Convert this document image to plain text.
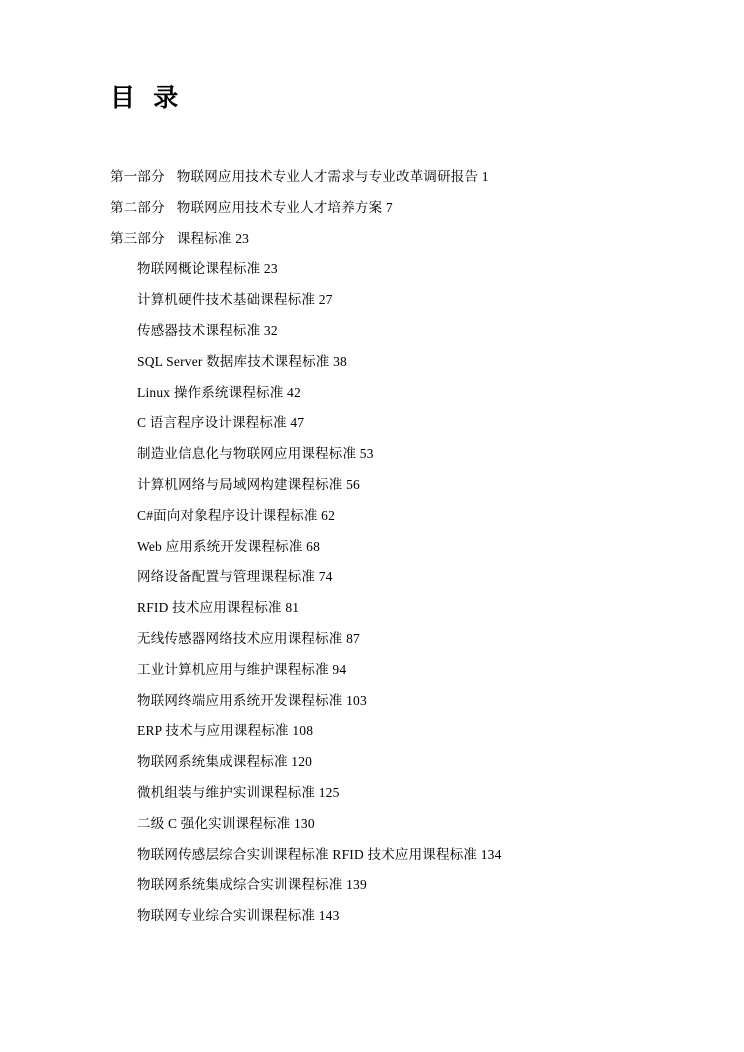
目 录
第一部分 物联网应用技术专业人才需求与专业改革调研报告 1
第二部分 物联网应用技术专业人才培养方案 7
第三部分 课程标准 23
物联网概论课程标准 23
计算机硬件技术基础课程标准 27
传感器技术课程标准 32
SQL Server 数据库技术课程标准 38
Linux 操作系统课程标准 42
C 语言程序设计课程标准 47
制造业信息化与物联网应用课程标准 53
计算机网络与局域网构建课程标准 56
C#面向对象程序设计课程标准 62
Web 应用系统开发课程标准 68
网络设备配置与管理课程标准 74
RFID 技术应用课程标准 81
无线传感器网络技术应用课程标准 87
工业计算机应用与维护课程标准 94
物联网终端应用系统开发课程标准 103
ERP 技术与应用课程标准 108
物联网系统集成课程标准 120
微机组装与维护实训课程标准 125
二级 C 强化实训课程标准 130
物联网传感层综合实训课程标准 RFID 技术应用课程标准 134
物联网系统集成综合实训课程标准 139
物联网专业综合实训课程标准 143
